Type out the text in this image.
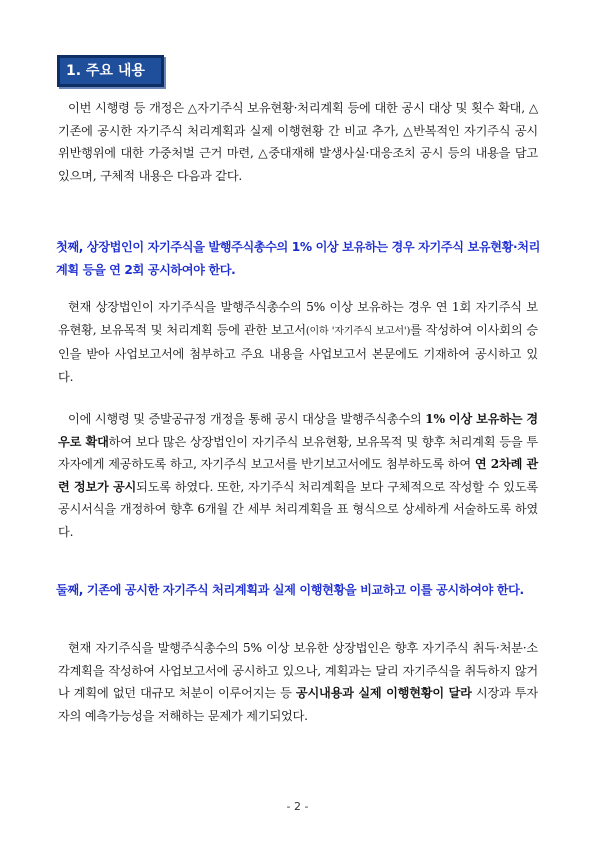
1. 주요 내용

이번 시행령 등 개정은 △자기주식 보유현황·처리계획 등에 대한 공시 대상 및 횟수 확대, △기존에 공시한 자기주식 처리계획과 실제 이행현황 간 비교 추가, △반복적인 자기주식 공시 위반행위에 대한 가중처벌 근거 마련, △중대재해 발생사실·대응조치 공시 등의 내용을 담고 있으며, 구체적 내용은 다음과 같다.

첫째, 상장법인이 자기주식을 발행주식총수의 1% 이상 보유하는 경우 자기주식 보유현황·처리계획 등을 연 2회 공시하여야 한다.

현재 상장법인이 자기주식을 발행주식총수의 5% 이상 보유하는 경우 연 1회 자기주식 보유현황, 보유목적 및 처리계획 등에 관한 보고서(이하 '자기주식 보고서')를 작성하여 이사회의 승인을 받아 사업보고서에 첨부하고 주요 내용을 사업보고서 본문에도 기재하여 공시하고 있다.

이에 시행령 및 증발공규정 개정을 통해 공시 대상을 발행주식총수의 1% 이상 보유하는 경우로 확대하여 보다 많은 상장법인이 자기주식 보유현황, 보유목적 및 향후 처리계획 등을 투자자에게 제공하도록 하고, 자기주식 보고서를 반기보고서에도 첨부하도록 하여 연 2차례 관련 정보가 공시되도록 하였다. 또한, 자기주식 처리계획을 보다 구체적으로 작성할 수 있도록 공시서식을 개정하여 향후 6개월 간 세부 처리계획을 표 형식으로 상세하게 서술하도록 하였다.

둘째, 기존에 공시한 자기주식 처리계획과 실제 이행현황을 비교하고 이를 공시하여야 한다.

현재 자기주식을 발행주식총수의 5% 이상 보유한 상장법인은 향후 자기주식 취득·처분·소각계획을 작성하여 사업보고서에 공시하고 있으나, 계획과는 달리 자기주식을 취득하지 않거나 계획에 없던 대규모 처분이 이루어지는 등 공시내용과 실제 이행현황이 달라 시장과 투자자의 예측가능성을 저해하는 문제가 제기되었다.

- 2 -
